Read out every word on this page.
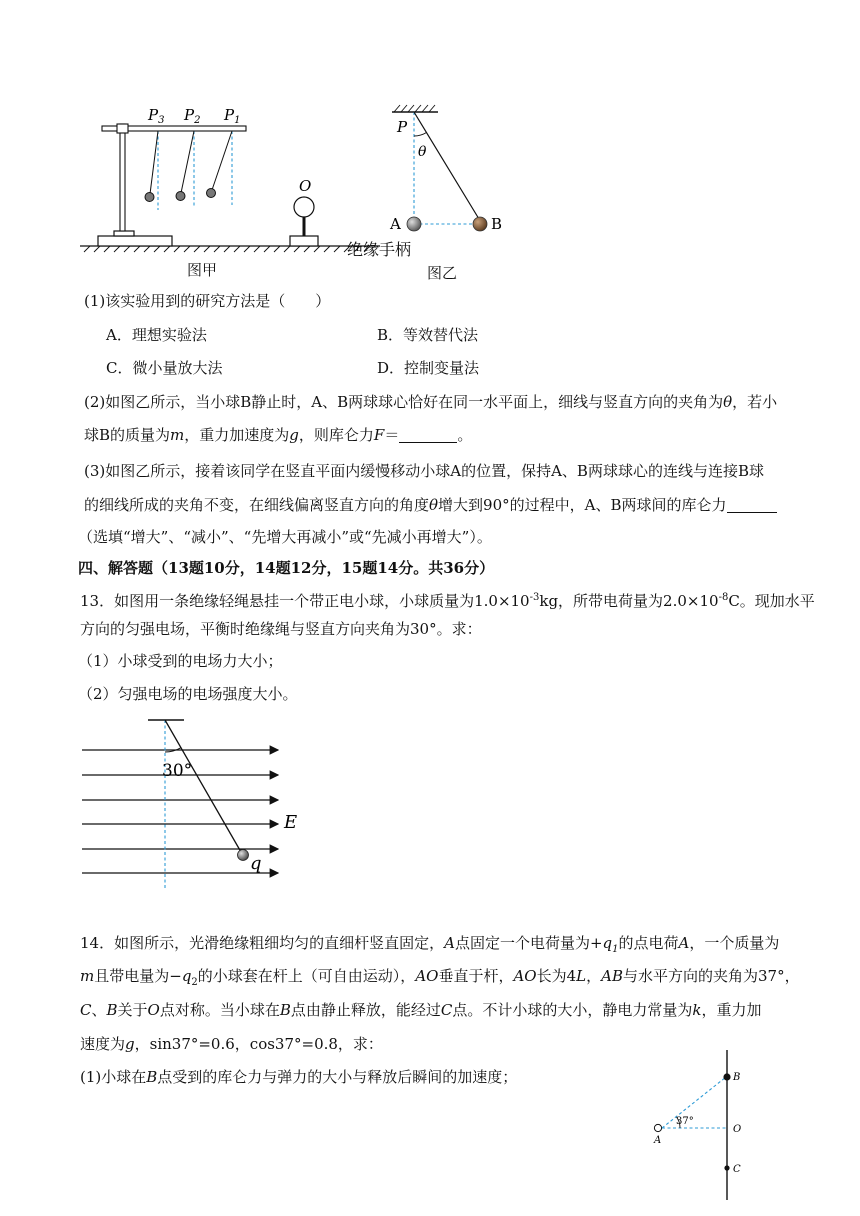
$P_3$ $P_2$ $P_1$
O
图甲
P
θ
A	B
绝缘手柄
图乙
(1)该实验用到的研究方法是（　　）
A．理想实验法	B．等效替代法
C．微小量放大法	D．控制变量法
(2)如图乙所示，当小球B静止时，A、B两球球心恰好在同一水平面上，细线与竖直方向的夹角为θ，若小
球B的质量为m，重力加速度为g，则库仑力F＝	。
(3)如图乙所示，接着该同学在竖直平面内缓慢移动小球A的位置，保持A、B两球球心的连线与连接B球
的细线所成的夹角不变，在细线偏离竖直方向的角度θ增大到90°的过程中，A、B两球间的库仑力
（选填“增大”、“减小”、“先增大再减小”或“先减小再增大”）。
四、解答题（13题10分，14题12分，15题14分。共36分）
13．如图用一条绝缘轻绳悬挂一个带正电小球，小球质量为$1.0\times 10^{-3}kg$，所带电荷量为$2.0\times 10^{-8}C$。现加水平
方向的匀强电场，平衡时绝缘绳与竖直方向夹角为30°。求：
（1）小球受到的电场力大小；
（2）匀强电场的电场强度大小。
30°
E
q
14．如图所示，光滑绝缘粗细均匀的直细杆竖直固定，A点固定一个电荷量为$+q_1$的点电荷A，一个质量为
m且带电量为$-q_2$的小球套在杆上（可自由运动），AO垂直于杆，AO长为4L，AB与水平方向的夹角为37°，
C、B关于O点对称。当小球在B点由静止释放，能经过C点。不计小球的大小，静电力常量为k，重力加
速度为g，sin37°=0.6，cos37°=0.8，求：
(1)小球在B点受到的库仑力与弹力的大小与释放后瞬间的加速度；	B
37°
A
O
C
